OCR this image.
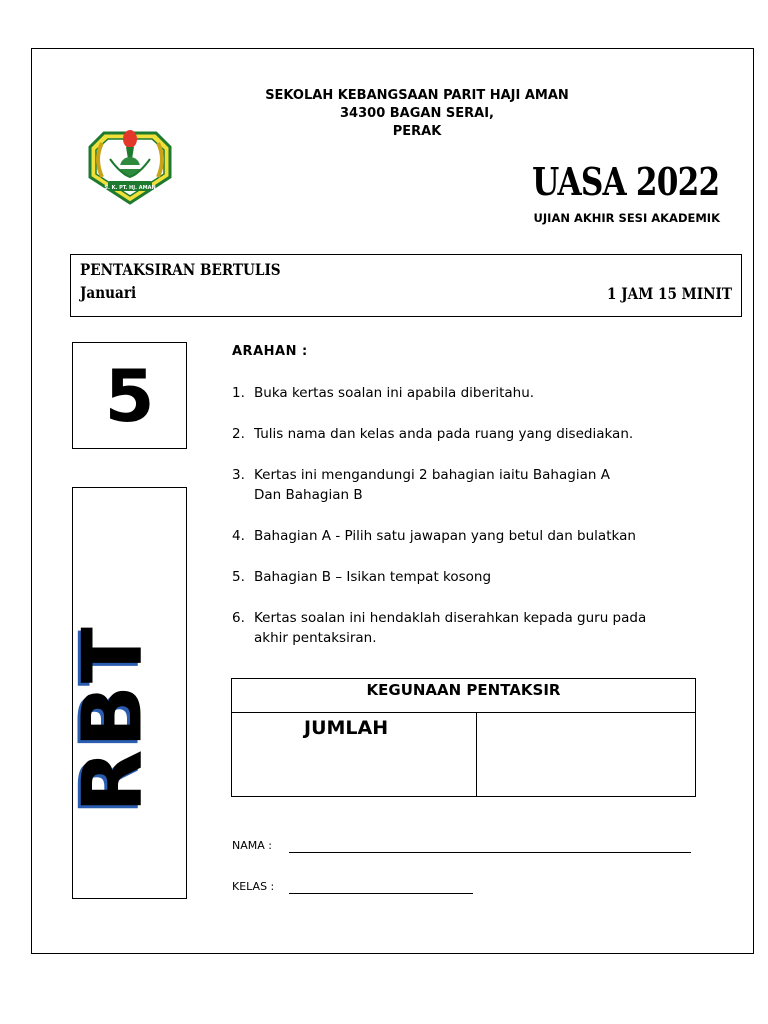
SEKOLAH KEBANGSAAN PARIT HAJI AMAN
34300 BAGAN SERAI,
PERAK
S. K. PT. HJ. AMAN	UASA 2022
UJIAN AKHIR SESI AKADEMIK
PENTAKSIRAN BERTULIS
Januari	1 JAM 15 MINIT
5
RBT
ARAHAN :
1. Buka kertas soalan ini apabila diberitahu.
2. Tulis nama dan kelas anda pada ruang yang disediakan.
3. Kertas ini mengandungi 2 bahagian iaitu Bahagian A
Dan Bahagian B
4. Bahagian A - Pilih satu jawapan yang betul dan bulatkan
5. Bahagian B – Isikan tempat kosong
6. Kertas soalan ini hendaklah diserahkan kepada guru pada
akhir pentaksiran.
KEGUNAAN PENTAKSIR
JUMLAH
NAMA :
KELAS :
